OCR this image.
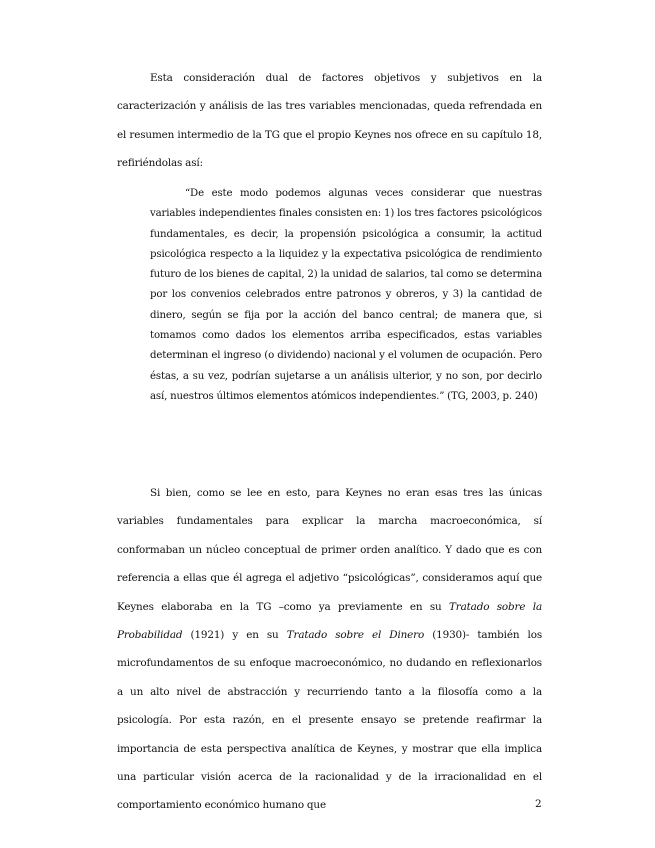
Esta consideración dual de factores objetivos y subjetivos en la caracterización y análisis de las tres variables mencionadas, queda refrendada en el resumen intermedio de la TG que el propio Keynes nos ofrece en su capítulo 18, refiriéndolas así:

“De este modo podemos algunas veces considerar que nuestras variables independientes finales consisten en: 1) los tres factores psicológicos fundamentales, es decir, la propensión psicológica a consumir, la actitud psicológica respecto a la liquidez y la expectativa psicológica de rendimiento futuro de los bienes de capital, 2) la unidad de salarios, tal como se determina por los convenios celebrados entre patronos y obreros, y 3) la cantidad de dinero, según se fija por la acción del banco central; de manera que, si tomamos como dados los elementos arriba especificados, estas variables determinan el ingreso (o dividendo) nacional y el volumen de ocupación. Pero éstas, a su vez, podrían sujetarse a un análisis ulterior, y no son, por decirlo así, nuestros últimos elementos atómicos independientes.” (TG, 2003, p. 240)

Si bien, como se lee en esto, para Keynes no eran esas tres las únicas variables fundamentales para explicar la marcha macroeconómica, sí conformaban un núcleo conceptual de primer orden analítico. Y dado que es con referencia a ellas que él agrega el adjetivo “psicológicas”, consideramos aquí que Keynes elaboraba en la TG –como ya previamente en su Tratado sobre la Probabilidad (1921) y en su Tratado sobre el Dinero (1930)- también los microfundamentos de su enfoque macroeconómico, no dudando en reflexionarlos a un alto nivel de abstracción y recurriendo tanto a la filosofía como a la psicología. Por esta razón, en el presente ensayo se pretende reafirmar la importancia de esta perspectiva analítica de Keynes, y mostrar que ella implica una particular visión acerca de la racionalidad y de la irracionalidad en el comportamiento económico humano que	2
